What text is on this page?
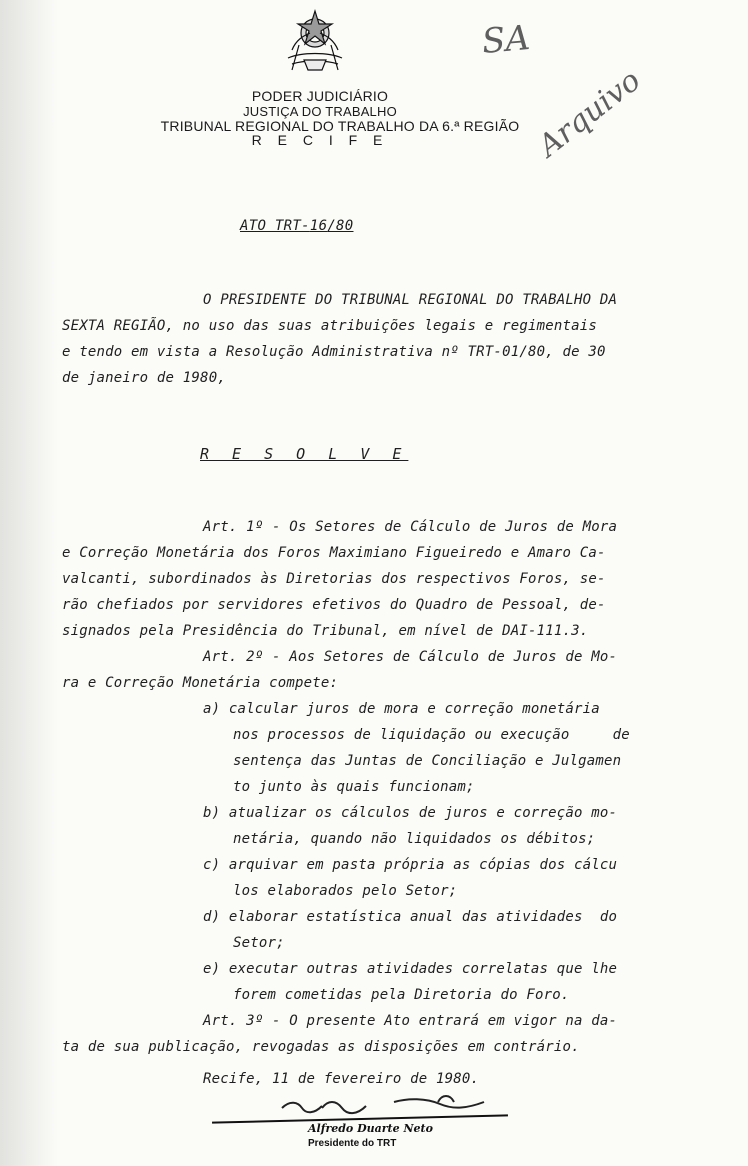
PODER JUDICIÁRIO
JUSTIÇA DO TRABALHO
TRIBUNAL REGIONAL DO TRABALHO DA 6.ª REGIÃO
R E C I F E
SA
Arquivo
ATO TRT-16/80

O PRESIDENTE DO TRIBUNAL REGIONAL DO TRABALHO DA

SEXTA REGIÃO, no uso das suas atribuições legais e regimentais

e tendo em vista a Resolução Administrativa nº TRT-01/80, de 30

de janeiro de 1980,

R E S O L V E

Art. 1º - Os Setores de Cálculo de Juros de Mora

e Correção Monetária dos Foros Maximiano Figueiredo e Amaro Ca-

valcanti, subordinados às Diretorias dos respectivos Foros, se-

rão chefiados por servidores efetivos do Quadro de Pessoal, de-

signados pela Presidência do Tribunal, em nível de DAI-111.3.

Art. 2º - Aos Setores de Cálculo de Juros de Mo-

ra e Correção Monetária compete:

a) calcular juros de mora e correção monetária

nos processos de liquidação ou execução     de

sentença das Juntas de Conciliação e Julgamen

to junto às quais funcionam;

b) atualizar os cálculos de juros e correção mo-

netária, quando não liquidados os débitos;

c) arquivar em pasta própria as cópias dos cálcu

los elaborados pelo Setor;

d) elaborar estatística anual das atividades  do

Setor;

e) executar outras atividades correlatas que lhe

forem cometidas pela Diretoria do Foro.

Art. 3º - O presente Ato entrará em vigor na da-

ta de sua publicação, revogadas as disposições em contrário.

Recife, 11 de fevereiro de 1980.

Alfredo Duarte Neto
Presidente do TRT
